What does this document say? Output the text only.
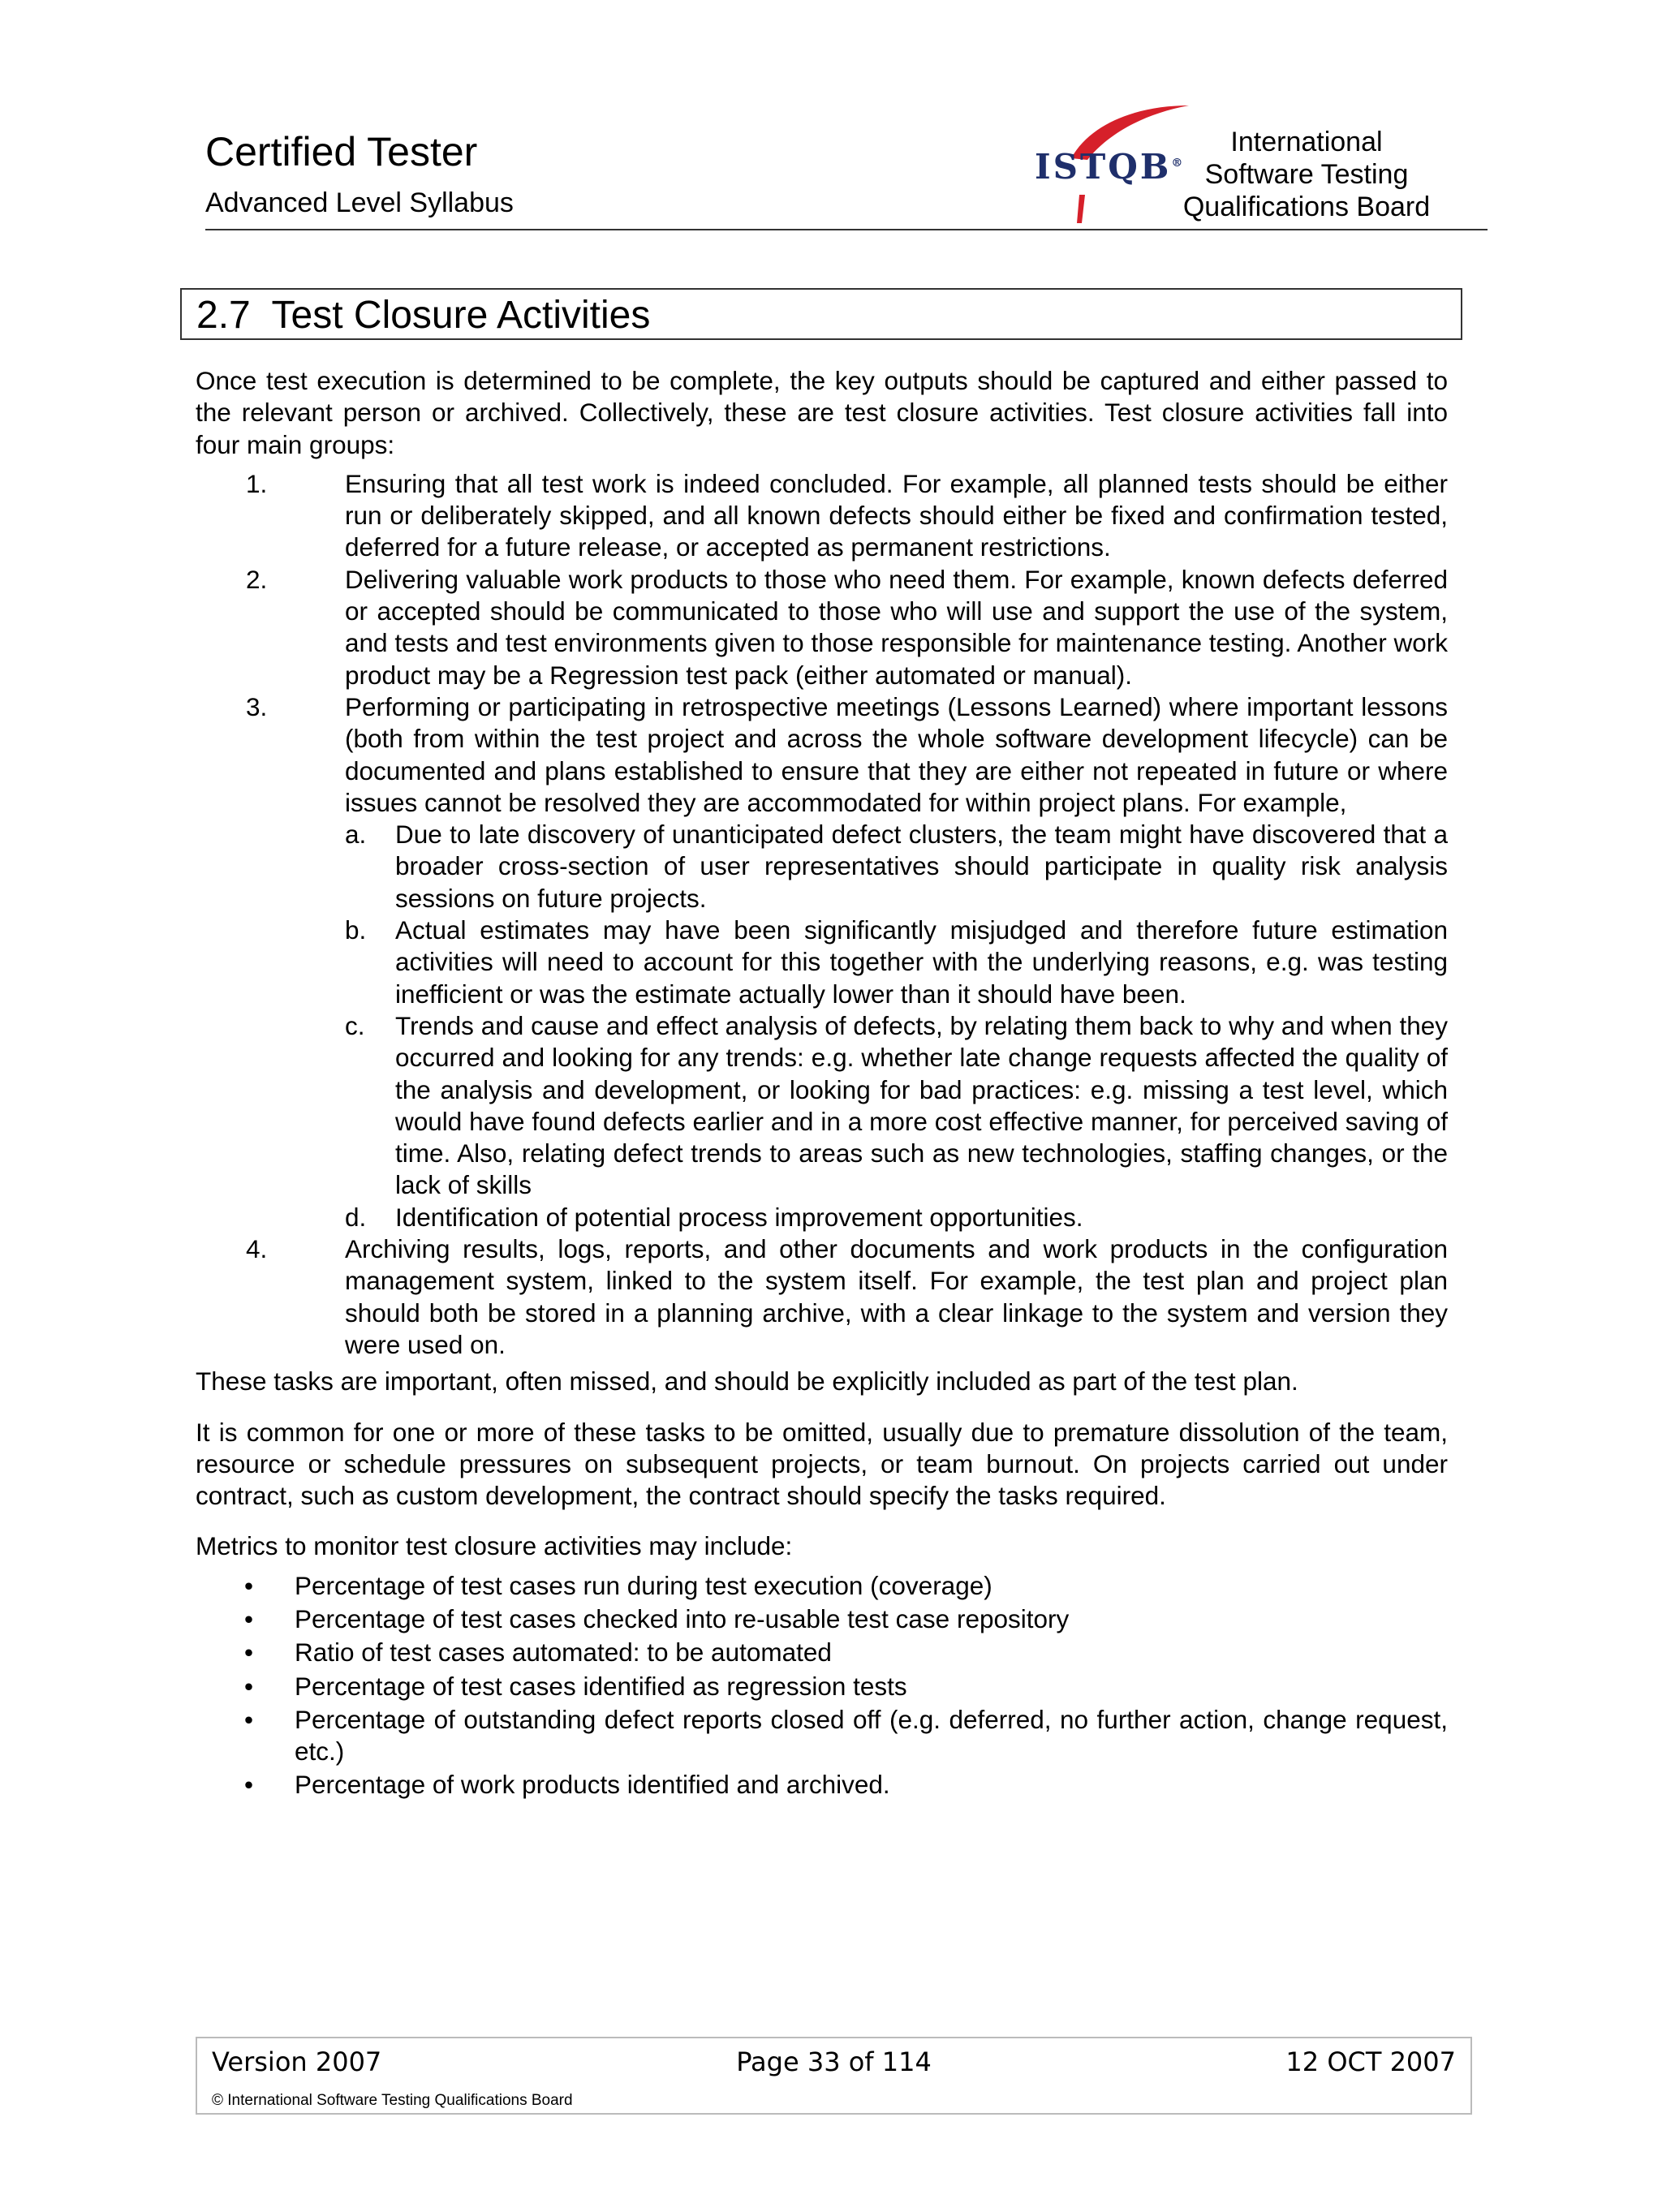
Certified Tester
Advanced Level Syllabus
ISTQB®
International
Software Testing
Qualifications Board
2.7  Test Closure Activities

Once test execution is determined to be complete, the key outputs should be captured and either passed to the relevant person or archived. Collectively, these are test closure activities. Test closure activities fall into four main groups:

1.	Ensuring that all test work is indeed concluded. For example, all planned tests should be either run or deliberately skipped, and all known defects should either be fixed and confirmation tested, deferred for a future release, or accepted as permanent restrictions.
2.	Delivering valuable work products to those who need them. For example, known defects deferred or accepted should be communicated to those who will use and support the use of the system, and tests and test environments given to those responsible for maintenance testing. Another work product may be a Regression test pack (either automated or manual).
3.	Performing or participating in retrospective meetings (Lessons Learned) where important lessons (both from within the test project and across the whole software development lifecycle) can be documented and plans established to ensure that they are either not repeated in future or where issues cannot be resolved they are accommodated for within project plans. For example,
a. Due to late discovery of unanticipated defect clusters, the team might have discovered that a broader cross-section of user representatives should participate in quality risk analysis sessions on future projects.
b. Actual estimates may have been significantly misjudged and therefore future estimation activities will need to account for this together with the underlying reasons, e.g. was testing inefficient or was the estimate actually lower than it should have been.
c. Trends and cause and effect analysis of defects, by relating them back to why and when they occurred and looking for any trends: e.g. whether late change requests affected the quality of the analysis and development, or looking for bad practices: e.g. missing a test level, which would have found defects earlier and in a more cost effective manner, for perceived saving of time. Also, relating defect trends to areas such as new technologies, staffing changes, or the lack of skills
d. Identification of potential process improvement opportunities.
4.	Archiving results, logs, reports, and other documents and work products in the configuration management system, linked to the system itself. For example, the test plan and project plan should both be stored in a planning archive, with a clear linkage to the system and version they were used on.

These tasks are important, often missed, and should be explicitly included as part of the test plan.

It is common for one or more of these tasks to be omitted, usually due to premature dissolution of the team, resource or schedule pressures on subsequent projects, or team burnout. On projects carried out under contract, such as custom development, the contract should specify the tasks required.

Metrics to monitor test closure activities may include:

• Percentage of test cases run during test execution (coverage)
• Percentage of test cases checked into re-usable test case repository
• Ratio of test cases automated: to be automated
• Percentage of test cases identified as regression tests
• Percentage of outstanding defect reports closed off (e.g. deferred, no further action, change request, etc.)
• Percentage of work products identified and archived.
Page 33 of 114
Version 2007	12 OCT 2007
© International Software Testing Qualifications Board
